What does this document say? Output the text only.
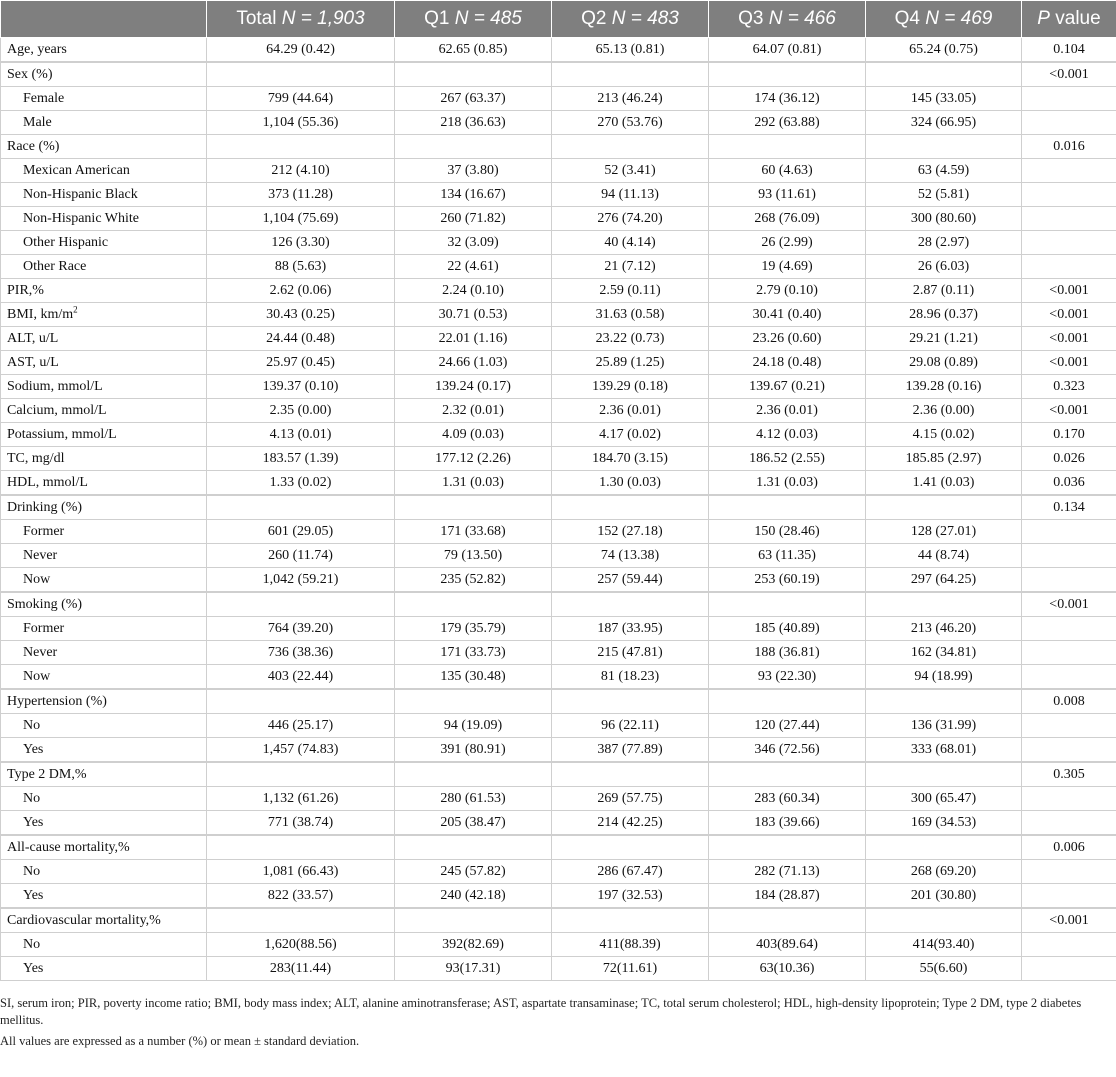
	Total N = 1,903	Q1 N = 485	Q2 N = 483	Q3 N = 466	Q4 N = 469	P value
Age, years	64.29 (0.42)	62.65 (0.85)	65.13 (0.81)	64.07 (0.81)	65.24 (0.75)	0.104
Sex (%)						<0.001
Female	799 (44.64)	267 (63.37)	213 (46.24)	174 (36.12)	145 (33.05)	
Male	1,104 (55.36)	218 (36.63)	270 (53.76)	292 (63.88)	324 (66.95)	
Race (%)						0.016
Mexican American	212 (4.10)	37 (3.80)	52 (3.41)	60 (4.63)	63 (4.59)	
Non-Hispanic Black	373 (11.28)	134 (16.67)	94 (11.13)	93 (11.61)	52 (5.81)	
Non-Hispanic White	1,104 (75.69)	260 (71.82)	276 (74.20)	268 (76.09)	300 (80.60)	
Other Hispanic	126 (3.30)	32 (3.09)	40 (4.14)	26 (2.99)	28 (2.97)	
Other Race	88 (5.63)	22 (4.61)	21 (7.12)	19 (4.69)	26 (6.03)	
PIR,%	2.62 (0.06)	2.24 (0.10)	2.59 (0.11)	2.79 (0.10)	2.87 (0.11)	<0.001
BMI, $km/m^2$	30.43 (0.25)	30.71 (0.53)	31.63 (0.58)	30.41 (0.40)	28.96 (0.37)	<0.001
ALT, u/L	24.44 (0.48)	22.01 (1.16)	23.22 (0.73)	23.26 (0.60)	29.21 (1.21)	<0.001
AST, u/L	25.97 (0.45)	24.66 (1.03)	25.89 (1.25)	24.18 (0.48)	29.08 (0.89)	<0.001
Sodium, mmol/L	139.37 (0.10)	139.24 (0.17)	139.29 (0.18)	139.67 (0.21)	139.28 (0.16)	0.323
Calcium, mmol/L	2.35 (0.00)	2.32 (0.01)	2.36 (0.01)	2.36 (0.01)	2.36 (0.00)	<0.001
Potassium, mmol/L	4.13 (0.01)	4.09 (0.03)	4.17 (0.02)	4.12 (0.03)	4.15 (0.02)	0.170
TC, mg/dl	183.57 (1.39)	177.12 (2.26)	184.70 (3.15)	186.52 (2.55)	185.85 (2.97)	0.026
HDL, mmol/L	1.33 (0.02)	1.31 (0.03)	1.30 (0.03)	1.31 (0.03)	1.41 (0.03)	0.036
Drinking (%)						0.134
Former	601 (29.05)	171 (33.68)	152 (27.18)	150 (28.46)	128 (27.01)	
Never	260 (11.74)	79 (13.50)	74 (13.38)	63 (11.35)	44 (8.74)	
Now	1,042 (59.21)	235 (52.82)	257 (59.44)	253 (60.19)	297 (64.25)	
Smoking (%)						<0.001
Former	764 (39.20)	179 (35.79)	187 (33.95)	185 (40.89)	213 (46.20)	
Never	736 (38.36)	171 (33.73)	215 (47.81)	188 (36.81)	162 (34.81)	
Now	403 (22.44)	135 (30.48)	81 (18.23)	93 (22.30)	94 (18.99)	
Hypertension (%)						0.008
No	446 (25.17)	94 (19.09)	96 (22.11)	120 (27.44)	136 (31.99)	
Yes	1,457 (74.83)	391 (80.91)	387 (77.89)	346 (72.56)	333 (68.01)	
Type 2 DM,%						0.305
No	1,132 (61.26)	280 (61.53)	269 (57.75)	283 (60.34)	300 (65.47)	
Yes	771 (38.74)	205 (38.47)	214 (42.25)	183 (39.66)	169 (34.53)	
All-cause mortality,%						0.006
No	1,081 (66.43)	245 (57.82)	286 (67.47)	282 (71.13)	268 (69.20)	
Yes	822 (33.57)	240 (42.18)	197 (32.53)	184 (28.87)	201 (30.80)	
Cardiovascular mortality,%						<0.001
No	1,620(88.56)	392(82.69)	411(88.39)	403(89.64)	414(93.40)	
Yes	283(11.44)	93(17.31)	72(11.61)	63(10.36)	55(6.60)	

SI, serum iron; PIR, poverty income ratio; BMI, body mass index; ALT, alanine aminotransferase; AST, aspartate transaminase; TC, total serum cholesterol; HDL, high-density lipoprotein; Type 2 DM, type 2 diabetes mellitus.

All values are expressed as a number (%) or mean ± standard deviation.
